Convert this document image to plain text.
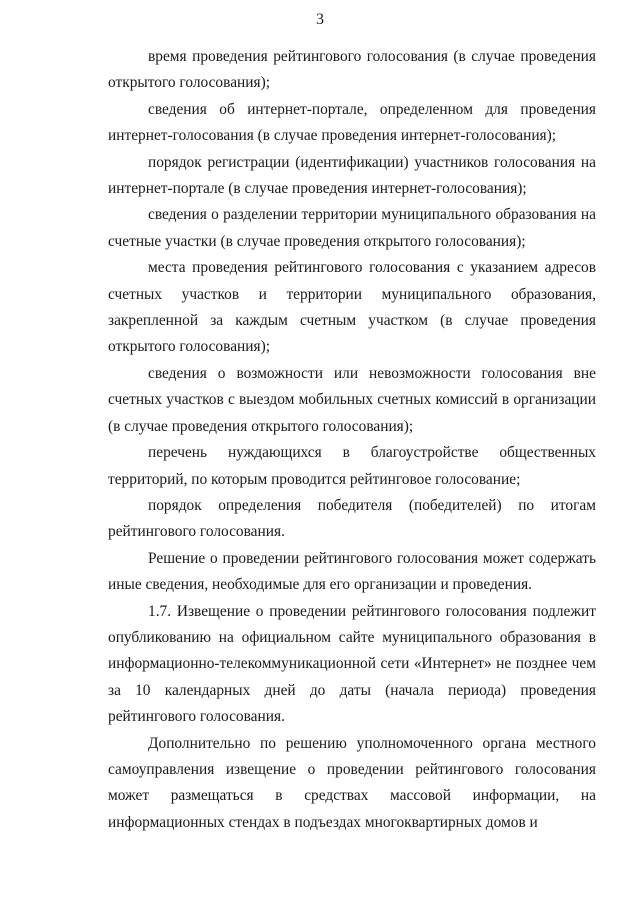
3

время проведения рейтингового голосования (в случае проведения открытого голосования);

сведения об интернет-портале, определенном для проведения интернет-голосования (в случае проведения интернет-голосования);

порядок регистрации (идентификации) участников голосования на интернет-портале (в случае проведения интернет-голосования);

сведения о разделении территории муниципального образования на счетные участки (в случае проведения открытого голосования);

места проведения рейтингового голосования с указанием адресов счетных участков и территории муниципального образования, закрепленной за каждым счетным участком (в случае проведения открытого голосования);

сведения о возможности или невозможности голосования вне счетных участков с выездом мобильных счетных комиссий в организации (в случае проведения открытого голосования);

перечень нуждающихся в благоустройстве общественных территорий, по которым проводится рейтинговое голосование;

порядок определения победителя (победителей) по итогам рейтингового голосования.

Решение о проведении рейтингового голосования может содержать иные сведения, необходимые для его организации и проведения.

1.7. Извещение о проведении рейтингового голосования подлежит опубликованию на официальном сайте муниципального образования в информационно-телекоммуникационной сети «Интернет» не позднее чем за 10 календарных дней до даты (начала периода) проведения рейтингового голосования.

Дополнительно по решению уполномоченного органа местного самоуправления извещение о проведении рейтингового голосования может размещаться в средствах массовой информации, на информационных стендах в подъездах многоквартирных домов и
